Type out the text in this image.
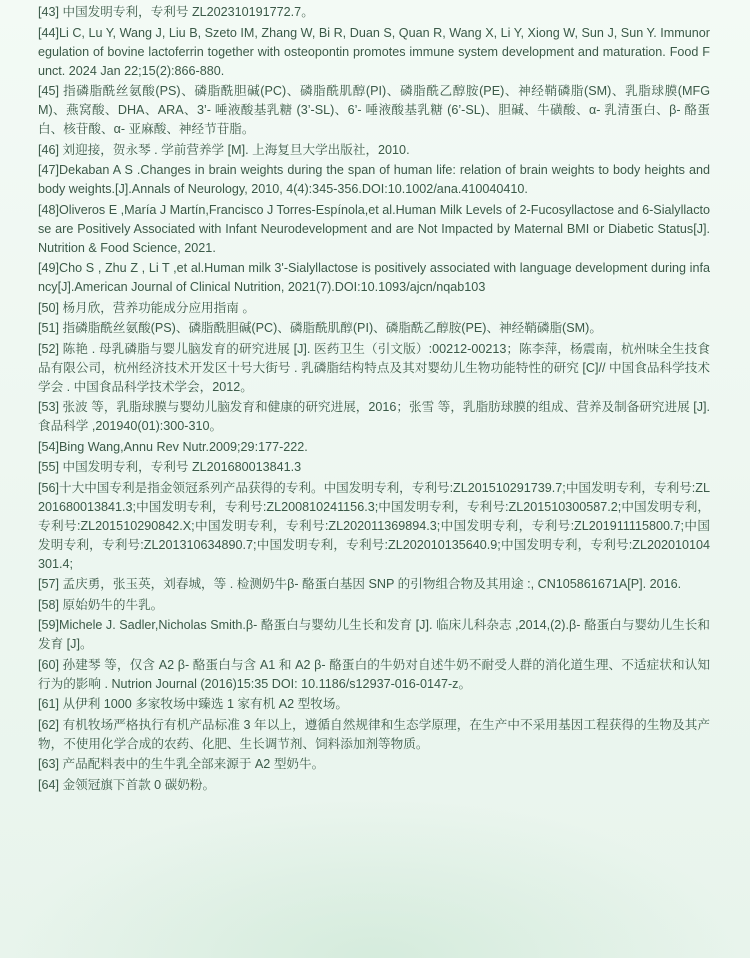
[43] 中国发明专利，专利号 ZL202310191772.7。
[44]Li C, Lu Y, Wang J, Liu B, Szeto IM, Zhang W, Bi R, Duan S, Quan R, Wang X, Li Y, Xiong W, Sun J, Sun Y. Immunoregulation of bovine lactoferrin together with osteopontin promotes immune system development and maturation. Food Funct. 2024 Jan 22;15(2):866-880.
[45] 指磷脂酰丝氨酸(PS)、磷脂酰胆碱(PC)、磷脂酰肌醇(PI)、磷脂酰乙醇胺(PE)、神经鞘磷脂(SM)、乳脂球膜(MFGM)、燕窝酸、DHA、ARA、3’- 唾液酸基乳糖 (3’-SL)、6’- 唾液酸基乳糖 (6’-SL)、胆碱、牛磺酸、α- 乳清蛋白、β- 酪蛋白、核苷酸、α- 亚麻酸、神经节苷脂。
[46] 刘迎接，贺永琴 . 学前营养学 [M]. 上海复旦大学出版社，2010.
[47]Dekaban A S .Changes in brain weights during the span of human life: relation of brain weights to body heights and body weights.[J].Annals of Neurology, 2010, 4(4):345-356.DOI:10.1002/ana.410040410.
[48]Oliveros E ,María J Martín,Francisco J Torres-Espínola,et al.Human Milk Levels of 2-Fucosyllactose and 6-Sialyllactose are Positively Associated with Infant Neurodevelopment and are Not Impacted by Maternal BMI or Diabetic Status[J].Nutrition & Food Science, 2021.
[49]Cho S , Zhu Z , Li T ,et al.Human milk 3'-Sialyllactose is positively associated with language development during infancy[J].American Journal of Clinical Nutrition, 2021(7).DOI:10.1093/ajcn/nqab103
[50] 杨月欣，营养功能成分应用指南 。
[51] 指磷脂酰丝氨酸(PS)、磷脂酰胆碱(PC)、磷脂酰肌醇(PI)、磷脂酰乙醇胺(PE)、神经鞘磷脂(SM)。
[52] 陈艳 . 母乳磷脂与婴儿脑发育的研究进展 [J]. 医药卫生（引文版）:00212-00213；陈李萍，杨震南，杭州味全生技食品有限公司，杭州经济技术开发区十号大街号 . 乳磷脂结构特点及其对婴幼儿生物功能特性的研究 [C]// 中国食品科学技术学会 . 中国食品科学技术学会，2012。
[53] 张波 等，乳脂球膜与婴幼儿脑发育和健康的研究进展，2016；张雪 等，乳脂肪球膜的组成、营养及制备研究进展 [J]. 食品科学 ,201940(01):300-310。
[54]Bing Wang,Annu Rev Nutr.2009;29:177-222.
[55] 中国发明专利，专利号 ZL201680013841.3
[56]十大中国专利是指金领冠系列产品获得的专利。中国发明专利，专利号:ZL201510291739.7;中国发明专利，专利号:ZL201680013841.3;中国发明专利，专利号:ZL200810241156.3;中国发明专利，专利号:ZL201510300587.2;中国发明专利，专利号:ZL201510290842.X;中国发明专利，专利号:ZL202011369894.3;中国发明专利，专利号:ZL201911115800.7;中国发明专利，专利号:ZL201310634890.7;中国发明专利，专利号:ZL202010135640.9;中国发明专利，专利号:ZL202010104301.4;
[57] 孟庆勇，张玉英，刘春城，等 . 检测奶牛β- 酪蛋白基因 SNP 的引物组合物及其用途 :, CN105861671A[P]. 2016.
[58] 原始奶牛的牛乳。
[59]Michele J. Sadler,Nicholas Smith.β- 酪蛋白与婴幼儿生长和发育 [J]. 临床儿科杂志 ,2014,(2).β- 酪蛋白与婴幼儿生长和发育 [J]。
[60] 孙建琴 等，仅含 A2 β- 酪蛋白与含 A1 和 A2 β- 酪蛋白的牛奶对自述牛奶不耐受人群的消化道生理、不适症状和认知行为的影响 . Nutrion Journal (2016)15:35 DOI: 10.1186/s12937-016-0147-z。
[61] 从伊利 1000 多家牧场中臻选 1 家有机 A2 型牧场。
[62] 有机牧场严格执行有机产品标准 3 年以上，遵循自然规律和生态学原理，在生产中不采用基因工程获得的生物及其产物，不使用化学合成的农药、化肥、生长调节剂、饲料添加剂等物质。
[63] 产品配料表中的生牛乳全部来源于 A2 型奶牛。
[64] 金领冠旗下首款 0 碳奶粉。
